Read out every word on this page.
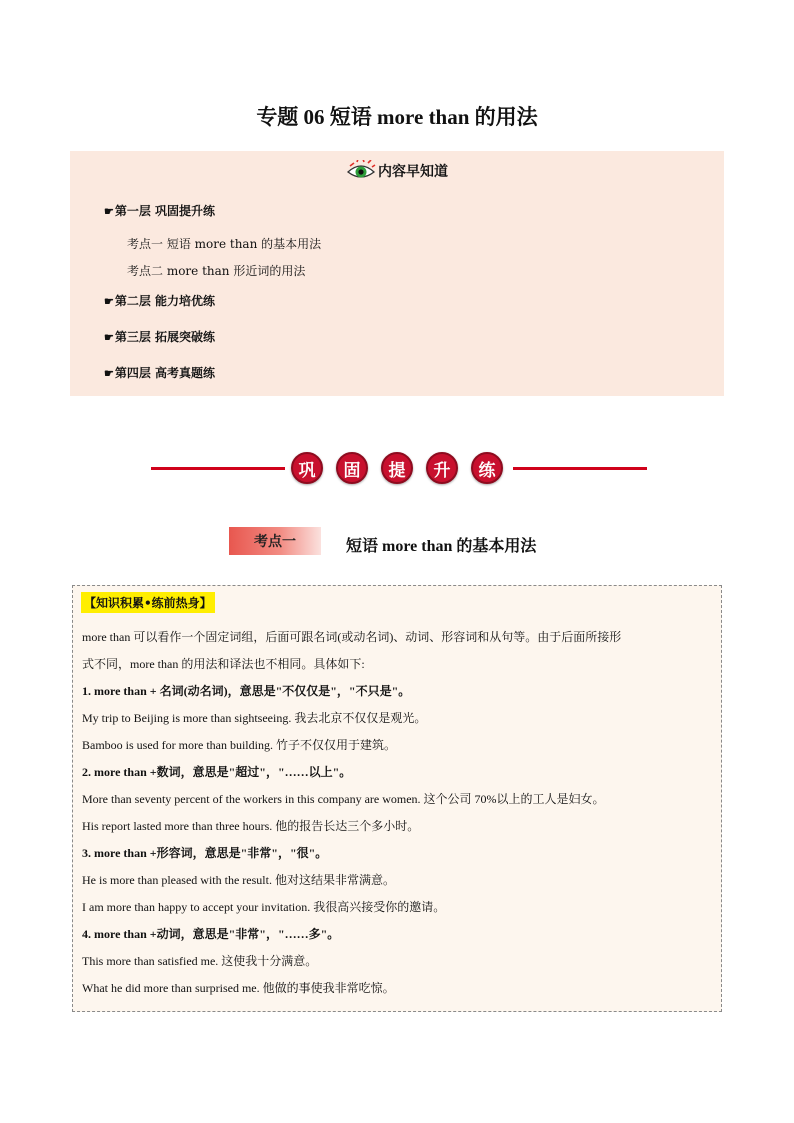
专题 06 短语 more than 的用法
内容早知道
☛第一层 巩固提升练
考点一 短语 more than 的基本用法
考点二 more than 形近词的用法
☛第二层 能力培优练
☛第三层 拓展突破练
☛第四层 高考真题练
巩	固	提	升	练
考点一	短语 more than 的基本用法
【知识积累•练前热身】
more than 可以看作一个固定词组，后面可跟名词(或动名词)、动词、形容词和从句等。由于后面所接形
式不同，more than 的用法和译法也不相同。具体如下:
1. more than + 名词(动名词)，意思是"不仅仅是"，"不只是"。
My trip to Beijing is more than sightseeing. 我去北京不仅仅是观光。
Bamboo is used for more than building. 竹子不仅仅用于建筑。
2. more than +数词，意思是"超过"，"……以上"。
More than seventy percent of the workers in this company are women. 这个公司 70%以上的工人是妇女。
His report lasted more than three hours. 他的报告长达三个多小时。
3. more than +形容词，意思是"非常"，"很"。
He is more than pleased with the result. 他对这结果非常满意。
I am more than happy to accept your invitation. 我很高兴接受你的邀请。
4. more than +动词，意思是"非常"，"……多"。
This more than satisfied me. 这使我十分满意。
What he did more than surprised me. 他做的事使我非常吃惊。
